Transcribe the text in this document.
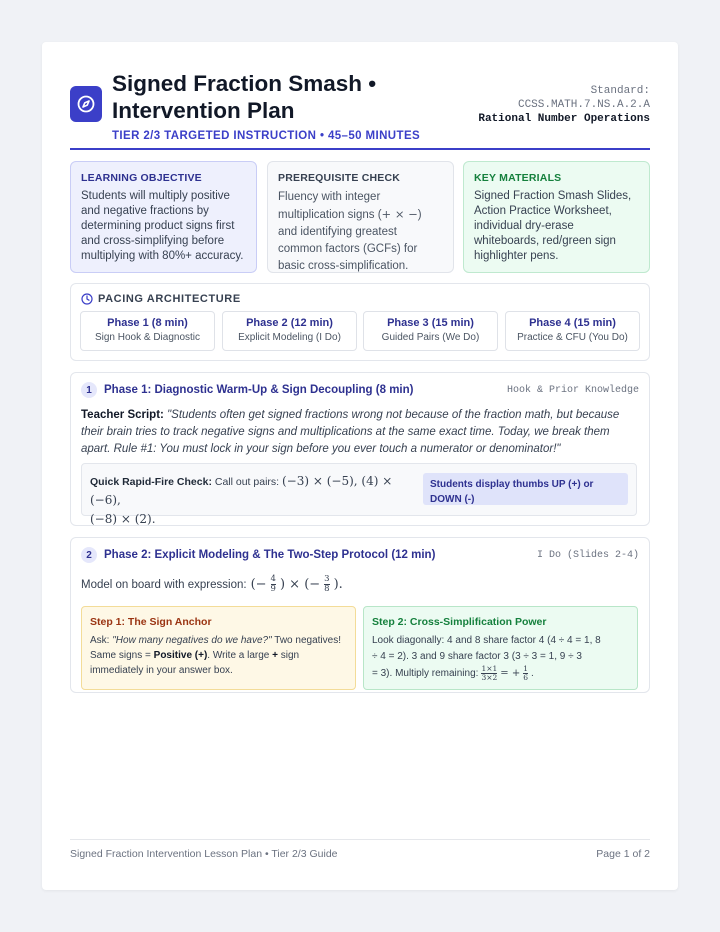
Signed Fraction Smash •
Intervention Plan
TIER 2/3 TARGETED INSTRUCTION • 45–50 MINUTES
Standard:
CCSS.MATH.7.NS.A.2.A
Rational Number Operations
LEARNING OBJECTIVE
Students will multiply positive and negative fractions by determining product signs first and cross-simplifying before multiplying with 80%+ accuracy.
PREREQUISITE CHECK
Fluency with integer multiplication signs (+ × −) and identifying greatest common factors (GCFs) for basic cross-simplification.
KEY MATERIALS
Signed Fraction Smash Slides, Action Practice Worksheet, individual dry-erase whiteboards, red/green sign highlighter pens.
PACING ARCHITECTURE
Phase 1 (8 min)
Sign Hook & Diagnostic
Phase 2 (12 min)
Explicit Modeling (I Do)
Phase 3 (15 min)
Guided Pairs (We Do)
Phase 4 (15 min)
Practice & CFU (You Do)
1	Phase 1: Diagnostic Warm-Up & Sign Decoupling (8 min)	Hook & Prior Knowledge
Teacher Script: "Students often get signed fractions wrong not because of the fraction math, but because their brain tries to track negative signs and multiplications at the same exact time. Today, we break them apart. Rule #1: You must lock in your sign before you ever touch a numerator or denominator!"
Quick Rapid-Fire Check: Call out pairs: (−3) × (−5), (4) × (−6),
(−8) × (2).
Students display thumbs UP (+) or DOWN (-)
2	Phase 2: Explicit Modeling & The Two-Step Protocol (12 min)	I Do (Slides 2-4)
Model on board with expression: (− $\frac{4}{9}$ ) × (− $\frac{3}{8}$ ).
Step 1: The Sign Anchor
Ask: "How many negatives do we have?" Two negatives! Same signs = Positive (+). Write a large + sign immediately in your answer box.
Step 2: Cross-Simplification Power
Look diagonally: 4 and 8 share factor 4 (4 ÷ 4 = 1, 8
÷ 4 = 2). 3 and 9 share factor 3 (3 ÷ 3 = 1, 9 ÷ 3
= 3). Multiply remaining: $\frac{1\times 1}{3\times 2}$ = + $\frac{1}{6}$ .
Signed Fraction Intervention Lesson Plan • Tier 2/3 Guide	Page 1 of 2
